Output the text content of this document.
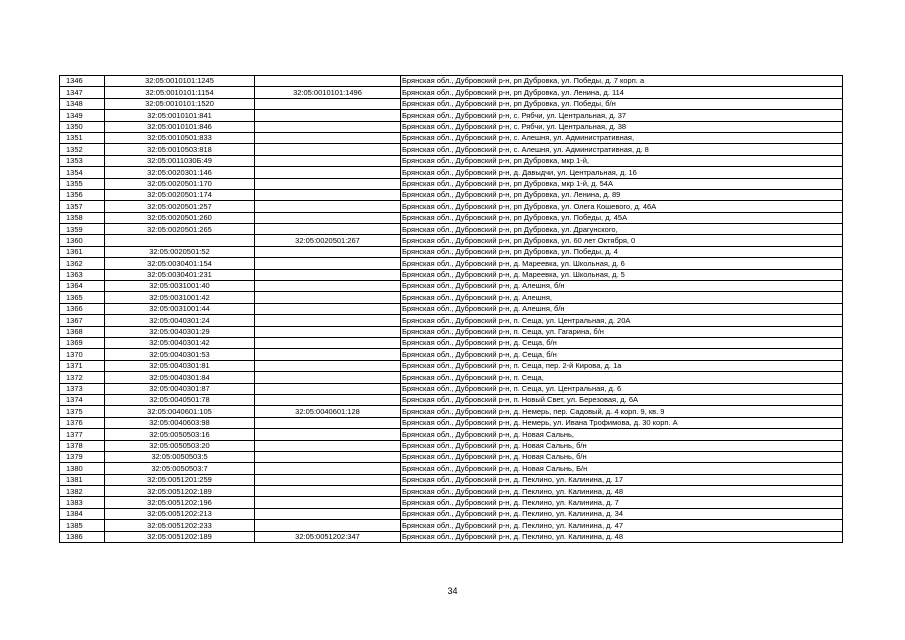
1346	32:05:0010101:1245		Брянская обл., Дубровский р-н, рп Дубровка, ул. Победы, д. 7 корп. а
1347	32:05:0010101:1154	32:05:0010101:1496	Брянская обл., Дубровский р-н, рп Дубровка, ул. Ленина, д. 114
1348	32:05:0010101:1520		Брянская обл., Дубровский р-н, рп Дубровка, ул. Победы, б/н
1349	32:05:0010101:841		Брянская обл., Дубровский р-н, с. Рябчи, ул. Центральная, д. 37
1350	32:05:0010101:846		Брянская обл., Дубровский р-н, с. Рябчи, ул. Центральная, д. 38
1351	32:05:0010501:833		Брянская обл., Дубровский р-н, с. Алешня, ул. Административная,
1352	32:05:0010503:818		Брянская обл., Дубровский р-н, с. Алешня, ул. Административная, д. 8
1353	32:05:0011030Б:49		Брянская обл., Дубровский р-н, рп Дубровка, мкр 1-й,
1354	32:05:0020301:146		Брянская обл., Дубровский р-н, д. Давыдчи, ул. Центральная, д. 16
1355	32:05:0020501:170		Брянская обл., Дубровский р-н, рп Дубровка, мкр 1-й, д. 54А
1356	32:05:0020501:174		Брянская обл., Дубровский р-н, рп Дубровка, ул. Ленина, д. 89
1357	32:05:0020501:257		Брянская обл., Дубровский р-н, рп Дубровка, ул. Олега Кошевого, д. 46А
1358	32:05:0020501:260		Брянская обл., Дубровский р-н, рп Дубровка, ул. Победы, д. 45А
1359	32:05:0020501:265		Брянская обл., Дубровский р-н, рп Дубровка, ул. Драгунского,
1360		32:05:0020501:267	Брянская обл., Дубровский р-н, рп Дубровка, ул. 60 лет Октября, 0
1361	32:05:0020501:52		Брянская обл., Дубровский р-н, рп Дубровка, ул. Победы, д. 4
1362	32:05:0030401:154		Брянская обл., Дубровский р-н, д. Мареевка, ул. Школьная, д. 6
1363	32:05:0030401:231		Брянская обл., Дубровский р-н, д. Мареевка, ул. Школьная, д. 5
1364	32:05:0031001:40		Брянская обл., Дубровский р-н, д. Алешня, б/н
1365	32:05:0031001:42		Брянская обл., Дубровский р-н, д. Алешня,
1366	32:05:0031001:44		Брянская обл., Дубровский р-н, д. Алешня, б/н
1367	32:05:0040301:24		Брянская обл., Дубровский р-н, п. Сеща, ул. Центральная, д. 20А
1368	32:05:0040301:29		Брянская обл., Дубровский р-н, п. Сеща, ул. Гагарина, б/н
1369	32:05:0040301:42		Брянская обл., Дубровский р-н, д. Сеща, б/н
1370	32:05:0040301:53		Брянская обл., Дубровский р-н, д. Сеща, б/н
1371	32:05:0040301:81		Брянская обл., Дубровский р-н, п. Сеща, пер. 2-й Кирова, д. 1а
1372	32:05:0040301:84		Брянская обл., Дубровский р-н, п. Сеща,
1373	32:05:0040301:87		Брянская обл., Дубровский р-н, п. Сеща, ул. Центральная, д. 6
1374	32:05:0040501:78		Брянская обл., Дубровский р-н, п. Новый Свет, ул. Березовая, д. 6А
1375	32:05:0040601:105	32:05:0040601:128	Брянская обл., Дубровский р-н, д. Немерь, пер. Садовый, д. 4 корп. 9, кв. 9
1376	32:05:0040603:98		Брянская обл., Дубровский р-н, д. Немерь, ул. Ивана Трофимова, д. 30 корп. А
1377	32:05:0050503:16		Брянская обл., Дубровский р-н, д. Новая Сальнь,
1378	32:05:0050503:20		Брянская обл., Дубровский р-н, д. Новая Сальнь, б/н
1379	32:05:0050503:5		Брянская обл., Дубровский р-н, д. Новая Сальнь, б/н
1380	32:05:0050503:7		Брянская обл., Дубровский р-н, д. Новая Сальнь, Б/н
1381	32:05:0051201:259		Брянская обл., Дубровский р-н, д. Пеклино, ул. Калинина, д. 17
1382	32:05:0051202:189		Брянская обл., Дубровский р-н, д. Пеклино, ул. Калинина, д. 48
1383	32:05:0051202:196		Брянская обл., Дубровский р-н, д. Пеклино, ул. Калинина, д. 7
1384	32:05:0051202:213		Брянская обл., Дубровский р-н, д. Пеклино, ул. Калинина, д. 34
1385	32:05:0051202:233		Брянская обл., Дубровский р-н, д. Пеклино, ул. Калинина, д. 47
1386	32:05:0051202:189	32:05:0051202:347	Брянская обл., Дубровский р-н, д. Пеклино, ул. Калинина, д. 48
34
